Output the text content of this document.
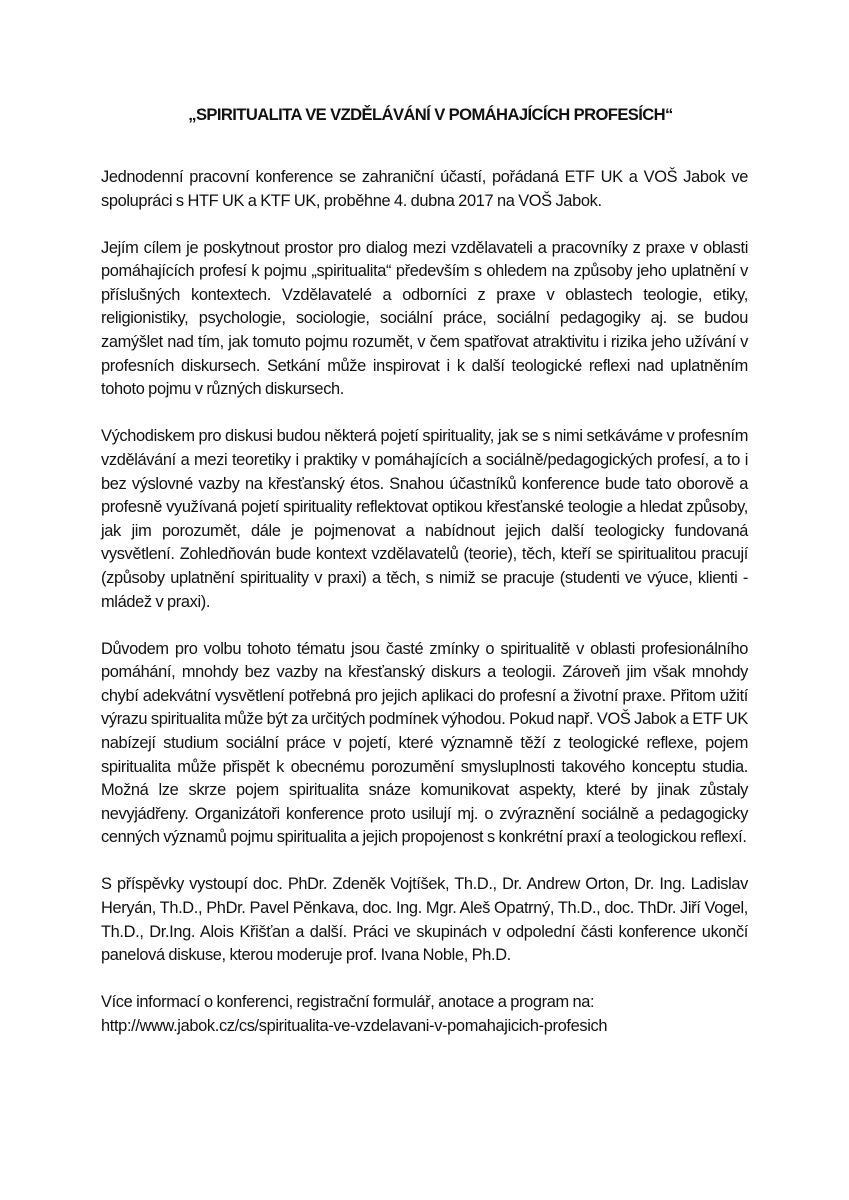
„SPIRITUALITA VE VZDĚLÁVÁNÍ V POMÁHAJÍCÍCH PROFESÍCH“

Jednodenní pracovní konference se zahraniční účastí, pořádaná ETF UK a VOŠ Jabok ve spolupráci s HTF UK a KTF UK, proběhne 4. dubna 2017 na VOŠ Jabok.

Jejím cílem je poskytnout prostor pro dialog mezi vzdělavateli a pracovníky z praxe v oblasti pomáhajících profesí k pojmu „spiritualita“ především s ohledem na způsoby jeho uplatnění v příslušných kontextech. Vzdělavatelé a odborníci z praxe v oblastech teologie, etiky, religionistiky, psychologie, sociologie, sociální práce, sociální pedagogiky aj. se budou zamýšlet nad tím, jak tomuto pojmu rozumět, v čem spatřovat atraktivitu i rizika jeho užívání v profesních diskursech. Setkání může inspirovat i k další teologické reflexi nad uplatněním tohoto pojmu v různých diskursech.

Východiskem pro diskusi budou některá pojetí spirituality, jak se s nimi setkáváme v profesním vzdělávání a mezi teoretiky i praktiky v pomáhajících a sociálně/pedagogických profesí, a to i bez výslovné vazby na křesťanský étos. Snahou účastníků konference bude tato oborově a profesně využívaná pojetí spirituality reflektovat optikou křesťanské teologie a hledat způsoby, jak jim porozumět, dále je pojmenovat a nabídnout jejich další teologicky fundovaná vysvětlení. Zohledňován bude kontext vzdělavatelů (teorie), těch, kteří se spiritualitou pracují (způsoby uplatnění spirituality v praxi) a těch, s nimiž se pracuje (studenti ve výuce, klienti - mládež v praxi).

Důvodem pro volbu tohoto tématu jsou časté zmínky o spiritualitě v oblasti profesionálního pomáhání, mnohdy bez vazby na křesťanský diskurs a teologii. Zároveň jim však mnohdy chybí adekvátní vysvětlení potřebná pro jejich aplikaci do profesní a životní praxe. Přitom užití výrazu spiritualita může být za určitých podmínek výhodou. Pokud např. VOŠ Jabok a ETF UK nabízejí studium sociální práce v pojetí, které významně těží z teologické reflexe, pojem spiritualita může přispět k obecnému porozumění smysluplnosti takového konceptu studia. Možná lze skrze pojem spiritualita snáze komunikovat aspekty, které by jinak zůstaly nevyjádřeny. Organizátoři konference proto usilují mj. o zvýraznění sociálně a pedagogicky cenných významů pojmu spiritualita a jejich propojenost s konkrétní praxí a teologickou reflexí.

S příspěvky vystoupí doc. PhDr. Zdeněk Vojtíšek, Th.D., Dr. Andrew Orton, Dr. Ing. Ladislav Heryán, Th.D., PhDr. Pavel Pěnkava, doc. Ing. Mgr. Aleš Opatrný, Th.D., doc. ThDr. Jiří Vogel, Th.D., Dr.Ing. Alois Křišťan a další. Práci ve skupinách v odpolední části konference ukončí panelová diskuse, kterou moderuje prof. Ivana Noble, Ph.D.

Více informací o konferenci, registrační formulář, anotace a program na:
http://www.jabok.cz/cs/spiritualita-ve-vzdelavani-v-pomahajicich-profesich
